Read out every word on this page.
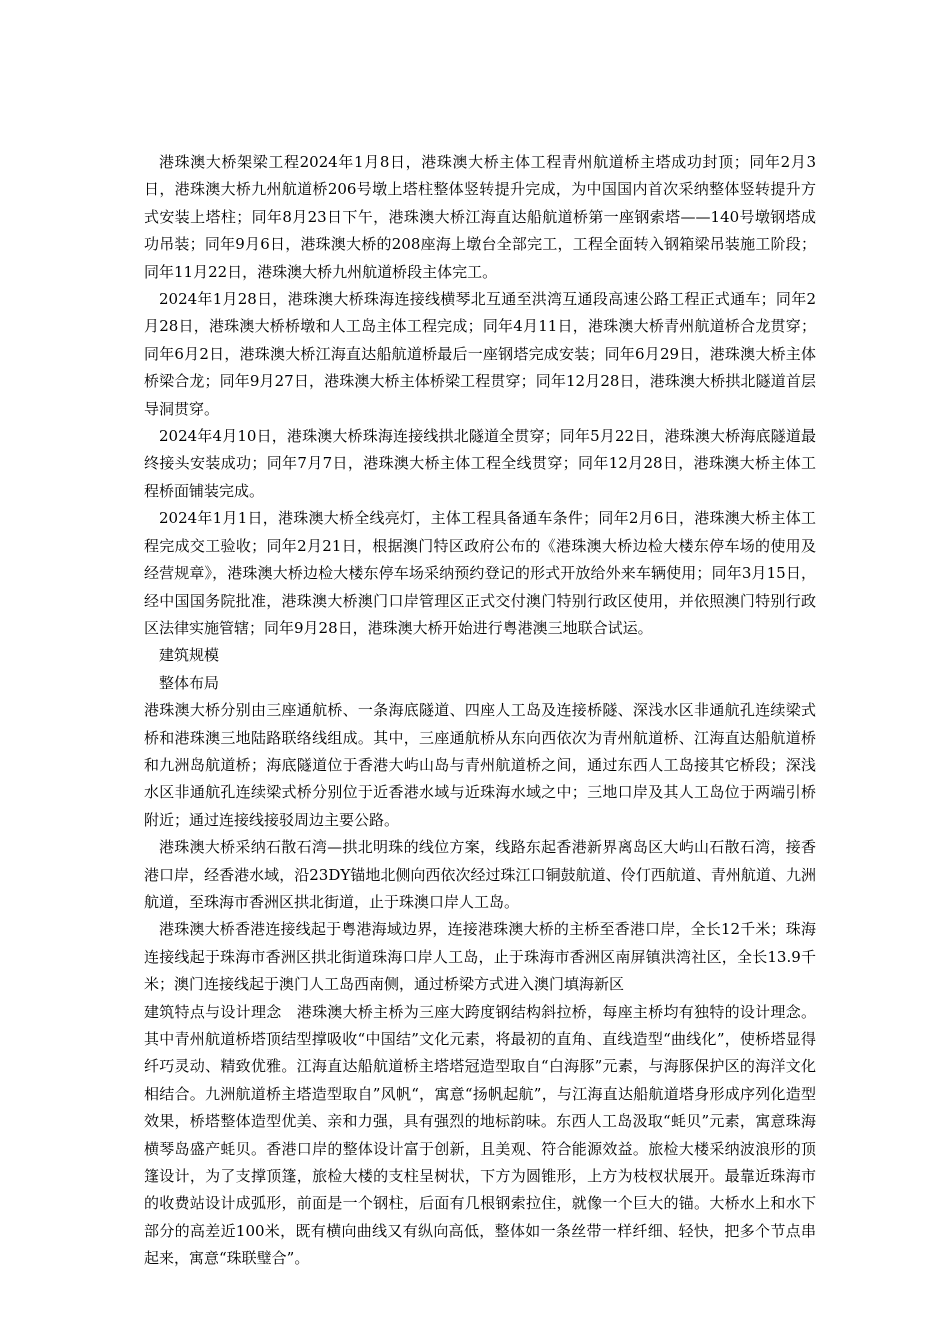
港珠澳大桥架梁工程2024年1月8日，港珠澳大桥主体工程青州航道桥主塔成功封顶；同年2月3日，港珠澳大桥九州航道桥206号墩上塔柱整体竖转提升完成，为中国国内首次采纳整体竖转提升方式安装上塔柱；同年8月23日下午，港珠澳大桥江海直达船航道桥第一座钢索塔——140号墩钢塔成功吊装；同年9月6日，港珠澳大桥的208座海上墩台全部完工，工程全面转入钢箱梁吊装施工阶段；同年11月22日，港珠澳大桥九州航道桥段主体完工。

2024年1月28日，港珠澳大桥珠海连接线横琴北互通至洪湾互通段高速公路工程正式通车；同年2月28日，港珠澳大桥桥墩和人工岛主体工程完成；同年4月11日，港珠澳大桥青州航道桥合龙贯穿；同年6月2日，港珠澳大桥江海直达船航道桥最后一座钢塔完成安装；同年6月29日，港珠澳大桥主体桥梁合龙；同年9月27日，港珠澳大桥主体桥梁工程贯穿；同年12月28日，港珠澳大桥拱北隧道首层导洞贯穿。

2024年4月10日，港珠澳大桥珠海连接线拱北隧道全贯穿；同年5月22日，港珠澳大桥海底隧道最终接头安装成功；同年7月7日，港珠澳大桥主体工程全线贯穿；同年12月28日，港珠澳大桥主体工程桥面铺装完成。

2024年1月1日，港珠澳大桥全线亮灯，主体工程具备通车条件；同年2月6日，港珠澳大桥主体工程完成交工验收；同年2月21日，根据澳门特区政府公布的《港珠澳大桥边检大楼东停车场的使用及经营规章》，港珠澳大桥边检大楼东停车场采纳预约登记的形式开放给外来车辆使用；同年3月15日，经中国国务院批准，港珠澳大桥澳门口岸管理区正式交付澳门特别行政区使用，并依照澳门特别行政区法律实施管辖；同年9月28日，港珠澳大桥开始进行粤港澳三地联合试运。

建筑规模

整体布局

港珠澳大桥分别由三座通航桥、一条海底隧道、四座人工岛及连接桥隧、深浅水区非通航孔连续梁式桥和港珠澳三地陆路联络线组成。其中，三座通航桥从东向西依次为青州航道桥、江海直达船航道桥和九洲岛航道桥；海底隧道位于香港大屿山岛与青州航道桥之间，通过东西人工岛接其它桥段；深浅水区非通航孔连续梁式桥分别位于近香港水域与近珠海水域之中；三地口岸及其人工岛位于两端引桥附近；通过连接线接驳周边主要公路。

港珠澳大桥采纳石散石湾—拱北明珠的线位方案，线路东起香港新界离岛区大屿山石散石湾，接香港口岸，经香港水域，沿23DY锚地北侧向西依次经过珠江口铜鼓航道、伶仃西航道、青州航道、九洲航道，至珠海市香洲区拱北街道，止于珠澳口岸人工岛。

港珠澳大桥香港连接线起于粤港海域边界，连接港珠澳大桥的主桥至香港口岸，全长12千米；珠海连接线起于珠海市香洲区拱北街道珠海口岸人工岛，止于珠海市香洲区南屏镇洪湾社区，全长13.9千米；澳门连接线起于澳门人工岛西南侧，通过桥梁方式进入澳门填海新区

建筑特点与设计理念　港珠澳大桥主桥为三座大跨度钢结构斜拉桥，每座主桥均有独特的设计理念。其中青州航道桥塔顶结型撑吸收“中国结”文化元素，将最初的直角、直线造型“曲线化”，使桥塔显得纤巧灵动、精致优雅。江海直达船航道桥主塔塔冠造型取自“白海豚”元素，与海豚保护区的海洋文化相结合。九洲航道桥主塔造型取自”风帆“，寓意“扬帆起航”，与江海直达船航道塔身形成序列化造型效果，桥塔整体造型优美、亲和力强，具有强烈的地标韵味。东西人工岛汲取“蚝贝”元素，寓意珠海横琴岛盛产蚝贝。香港口岸的整体设计富于创新，且美观、符合能源效益。旅检大楼采纳波浪形的顶篷设计，为了支撑顶篷，旅检大楼的支柱呈树状，下方为圆锥形，上方为枝杈状展开。最靠近珠海市的收费站设计成弧形，前面是一个钢柱，后面有几根钢索拉住，就像一个巨大的锚。大桥水上和水下部分的高差近100米，既有横向曲线又有纵向高低，整体如一条丝带一样纤细、轻快，把多个节点串起来，寓意“珠联璧合”。
